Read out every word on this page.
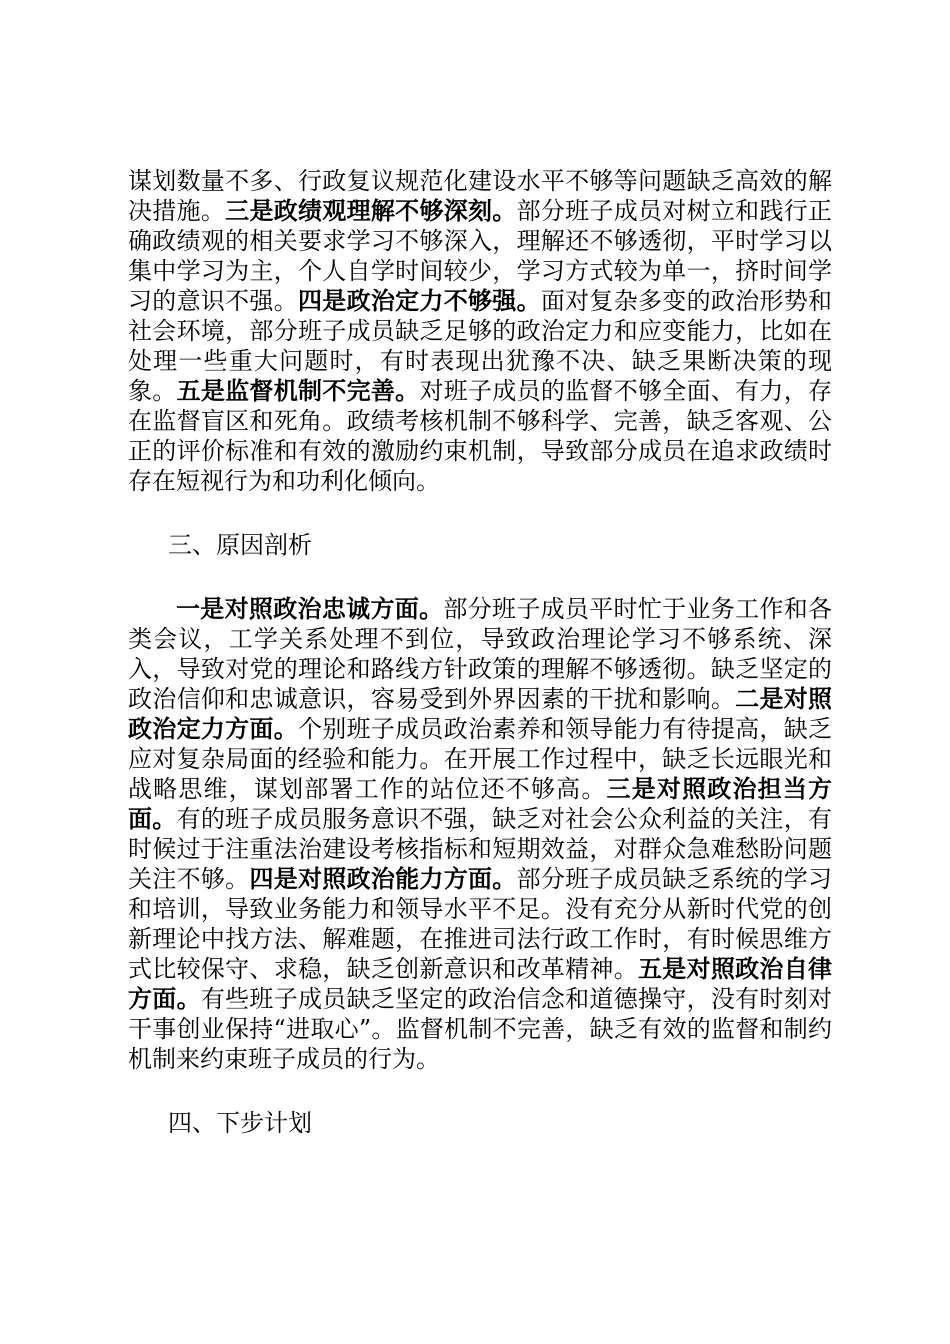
谋划数量不多、行政复议规范化建设水平不够等问题缺乏高效的解决措施。三是政绩观理解不够深刻。部分班子成员对树立和践行正确政绩观的相关要求学习不够深入，理解还不够透彻，平时学习以集中学习为主，个人自学时间较少，学习方式较为单一，挤时间学习的意识不强。四是政治定力不够强。面对复杂多变的政治形势和社会环境，部分班子成员缺乏足够的政治定力和应变能力，比如在处理一些重大问题时，有时表现出犹豫不决、缺乏果断决策的现象。五是监督机制不完善。对班子成员的监督不够全面、有力，存在监督盲区和死角。政绩考核机制不够科学、完善，缺乏客观、公正的评价标准和有效的激励约束机制，导致部分成员在追求政绩时存在短视行为和功利化倾向。

三、原因剖析

一是对照政治忠诚方面。部分班子成员平时忙于业务工作和各类会议，工学关系处理不到位，导致政治理论学习不够系统、深入，导致对党的理论和路线方针政策的理解不够透彻。缺乏坚定的政治信仰和忠诚意识，容易受到外界因素的干扰和影响。二是对照政治定力方面。个别班子成员政治素养和领导能力有待提高，缺乏应对复杂局面的经验和能力。在开展工作过程中，缺乏长远眼光和战略思维，谋划部署工作的站位还不够高。三是对照政治担当方面。有的班子成员服务意识不强，缺乏对社会公众利益的关注，有时候过于注重法治建设考核指标和短期效益，对群众急难愁盼问题关注不够。四是对照政治能力方面。部分班子成员缺乏系统的学习和培训，导致业务能力和领导水平不足。没有充分从新时代党的创新理论中找方法、解难题，在推进司法行政工作时，有时候思维方式比较保守、求稳，缺乏创新意识和改革精神。五是对照政治自律方面。有些班子成员缺乏坚定的政治信念和道德操守，没有时刻对干事创业保持“进取心”。监督机制不完善，缺乏有效的监督和制约机制来约束班子成员的行为。

四、下步计划
